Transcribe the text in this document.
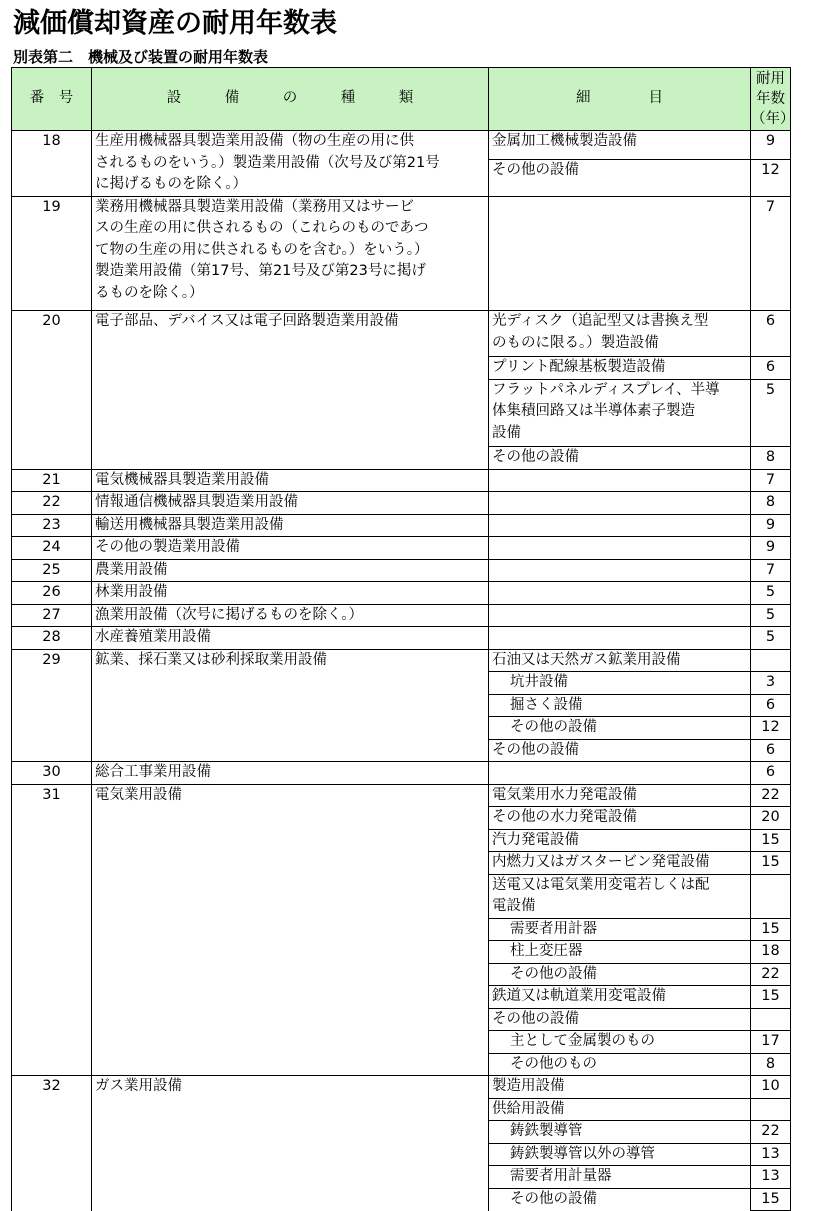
減価償却資産の耐用年数表
別表第二　機械及び装置の耐用年数表
番　号	設　　　備　　　の　　　種　　　類	細　　　　目	耐用
年数
（年）
18	生産用機械器具製造業用設備（物の生産の用に供
されるものをいう。）製造業用設備（次号及び第21号
に掲げるものを除く。）	金属加工機械製造設備	9
		その他の設備	12
19	業務用機械器具製造業用設備（業務用又はサービ
スの生産の用に供されるもの（これらのものであつ
て物の生産の用に供されるものを含む。）をいう。）
製造業用設備（第17号、第21号及び第23号に掲げ
るものを除く。）		7
20	電子部品、デバイス又は電子回路製造業用設備	光ディスク（追記型又は書換え型
のものに限る。）製造設備	6
		プリント配線基板製造設備	6
		フラットパネルディスプレイ、半導
体集積回路又は半導体素子製造
設備	5
		その他の設備	8
21	電気機械器具製造業用設備		7
22	情報通信機械器具製造業用設備		8
23	輸送用機械器具製造業用設備		9
24	その他の製造業用設備		9
25	農業用設備		7
26	林業用設備		5
27	漁業用設備（次号に掲げるものを除く。）		5
28	水産養殖業用設備		5
29	鉱業、採石業又は砂利採取業用設備	石油又は天然ガス鉱業用設備	
		坑井設備	3
		掘さく設備	6
		その他の設備	12
		その他の設備	6
30	総合工事業用設備		6
31	電気業用設備	電気業用水力発電設備	22
		その他の水力発電設備	20
		汽力発電設備	15
		内燃力又はガスタービン発電設備	15
		送電又は電気業用変電若しくは配
電設備	
		需要者用計器	15
		柱上変圧器	18
		その他の設備	22
		鉄道又は軌道業用変電設備	15
		その他の設備	
		主として金属製のもの	17
		その他のもの	8
32	ガス業用設備	製造用設備	10
		供給用設備	
		鋳鉄製導管	22
		鋳鉄製導管以外の導管	13
		需要者用計量器	13
		その他の設備	15
